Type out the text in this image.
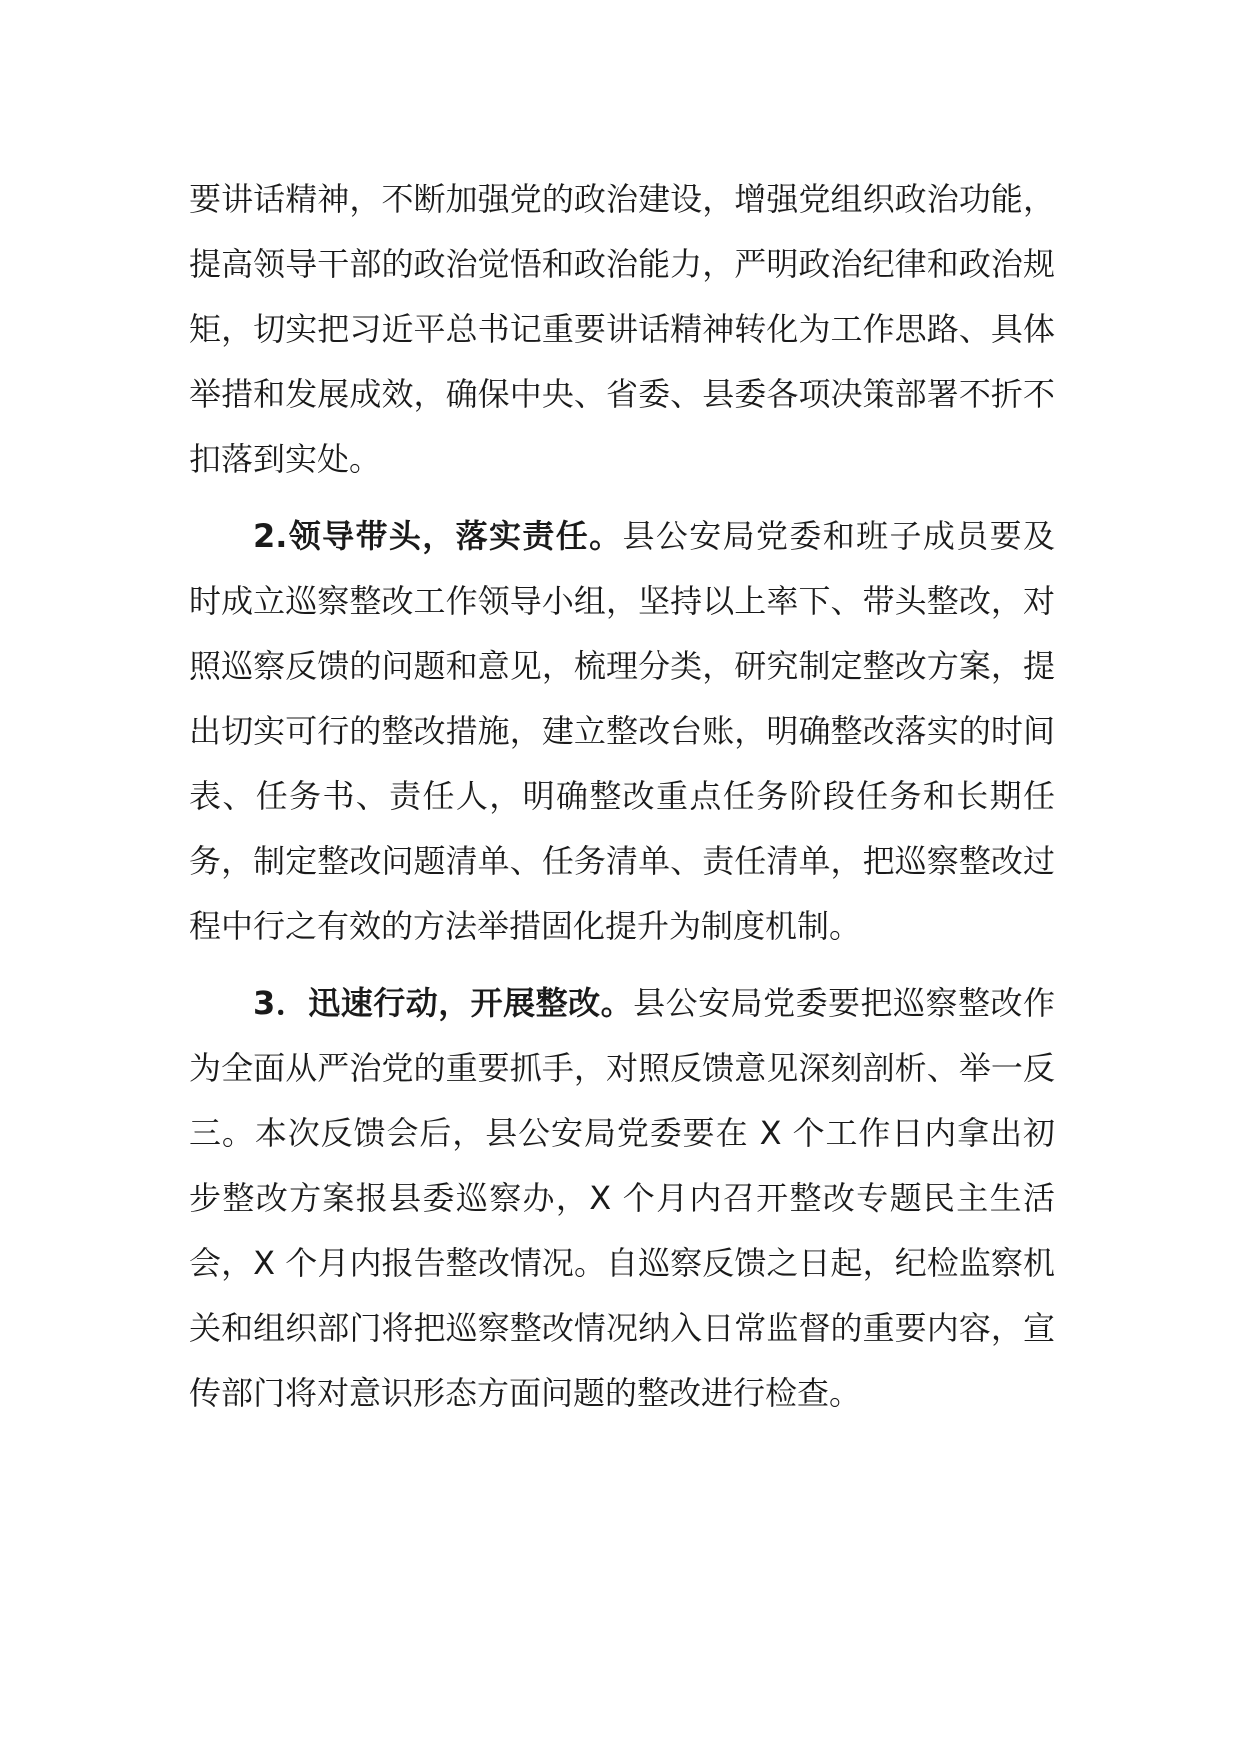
要讲话精神，不断加强党的政治建设，增强党组织政治功能，提高领导干部的政治觉悟和政治能力，严明政治纪律和政治规矩，切实把习近平总书记重要讲话精神转化为工作思路、具体举措和发展成效，确保中央、省委、县委各项决策部署不折不扣落到实处。

2.领导带头，落实责任。县公安局党委和班子成员要及时成立巡察整改工作领导小组，坚持以上率下、带头整改，对照巡察反馈的问题和意见，梳理分类，研究制定整改方案，提出切实可行的整改措施，建立整改台账，明确整改落实的时间表、任务书、责任人，明确整改重点任务阶段任务和长期任务，制定整改问题清单、任务清单、责任清单，把巡察整改过程中行之有效的方法举措固化提升为制度机制。

3．迅速行动，开展整改。县公安局党委要把巡察整改作为全面从严治党的重要抓手，对照反馈意见深刻剖析、举一反三。本次反馈会后，县公安局党委要在 X 个工作日内拿出初步整改方案报县委巡察办，X 个月内召开整改专题民主生活会，X 个月内报告整改情况。自巡察反馈之日起，纪检监察机关和组织部门将把巡察整改情况纳入日常监督的重要内容，宣传部门将对意识形态方面问题的整改进行检查。
